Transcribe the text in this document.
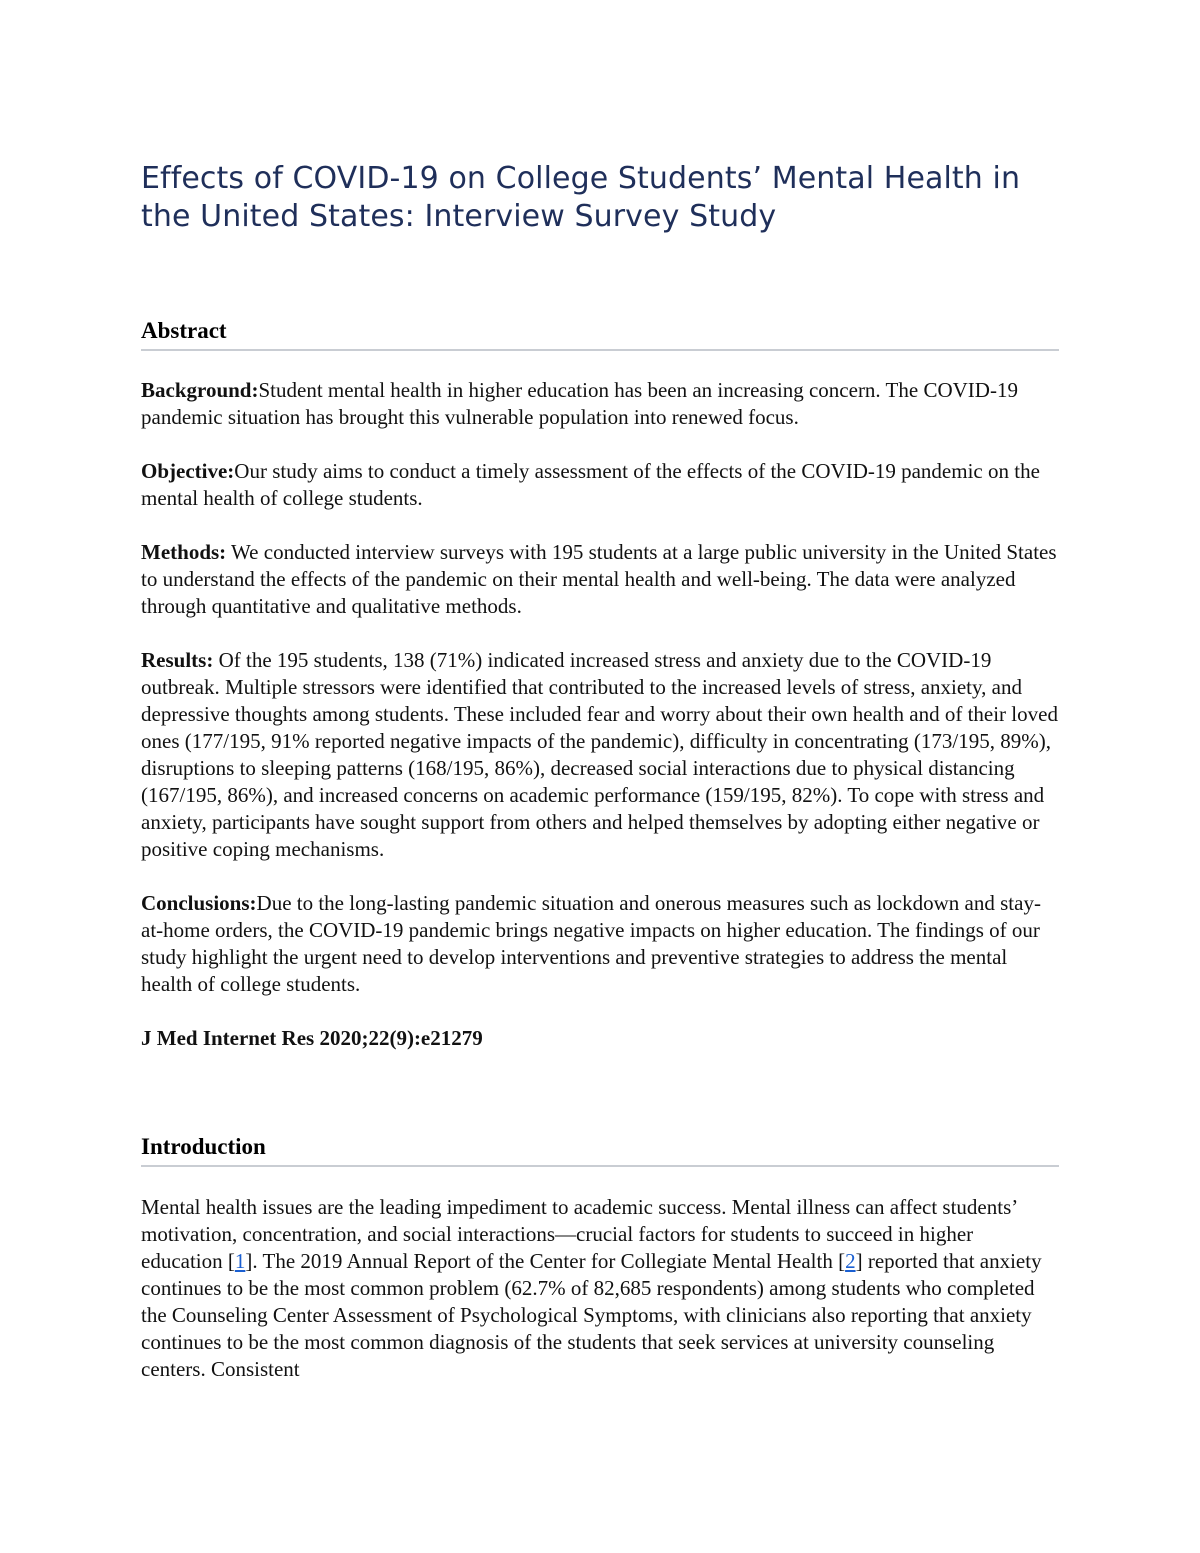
Effects of COVID-19 on College Students’ Mental Health in the United States: Interview Survey Study
Abstract

Background:Student mental health in higher education has been an increasing concern. The COVID-19 pandemic situation has brought this vulnerable population into renewed focus.

Objective:Our study aims to conduct a timely assessment of the effects of the COVID-19 pandemic on the mental health of college students.

Methods: We conducted interview surveys with 195 students at a large public university in the United States to understand the effects of the pandemic on their mental health and well-being. The data were analyzed through quantitative and qualitative methods.

Results: Of the 195 students, 138 (71%) indicated increased stress and anxiety due to the COVID-19 outbreak. Multiple stressors were identified that contributed to the increased levels of stress, anxiety, and depressive thoughts among students. These included fear and worry about their own health and of their loved ones (177/195, 91% reported negative impacts of the pandemic), difficulty in concentrating (173/195, 89%), disruptions to sleeping patterns (168/195, 86%), decreased social interactions due to physical distancing (167/195, 86%), and increased concerns on academic performance (159/195, 82%). To cope with stress and anxiety, participants have sought support from others and helped themselves by adopting either negative or positive coping mechanisms.

Conclusions:Due to the long-lasting pandemic situation and onerous measures such as lockdown and stay-at-home orders, the COVID-19 pandemic brings negative impacts on higher education. The findings of our study highlight the urgent need to develop interventions and preventive strategies to address the mental health of college students.

J Med Internet Res 2020;22(9):e21279

Introduction

Mental health issues are the leading impediment to academic success. Mental illness can affect students’ motivation, concentration, and social interactions—crucial factors for students to succeed in higher education [1]. The 2019 Annual Report of the Center for Collegiate Mental Health [2] reported that anxiety continues to be the most common problem (62.7% of 82,685 respondents) among students who completed the Counseling Center Assessment of Psychological Symptoms, with clinicians also reporting that anxiety continues to be the most common diagnosis of the students that seek services at university counseling centers. Consistent
